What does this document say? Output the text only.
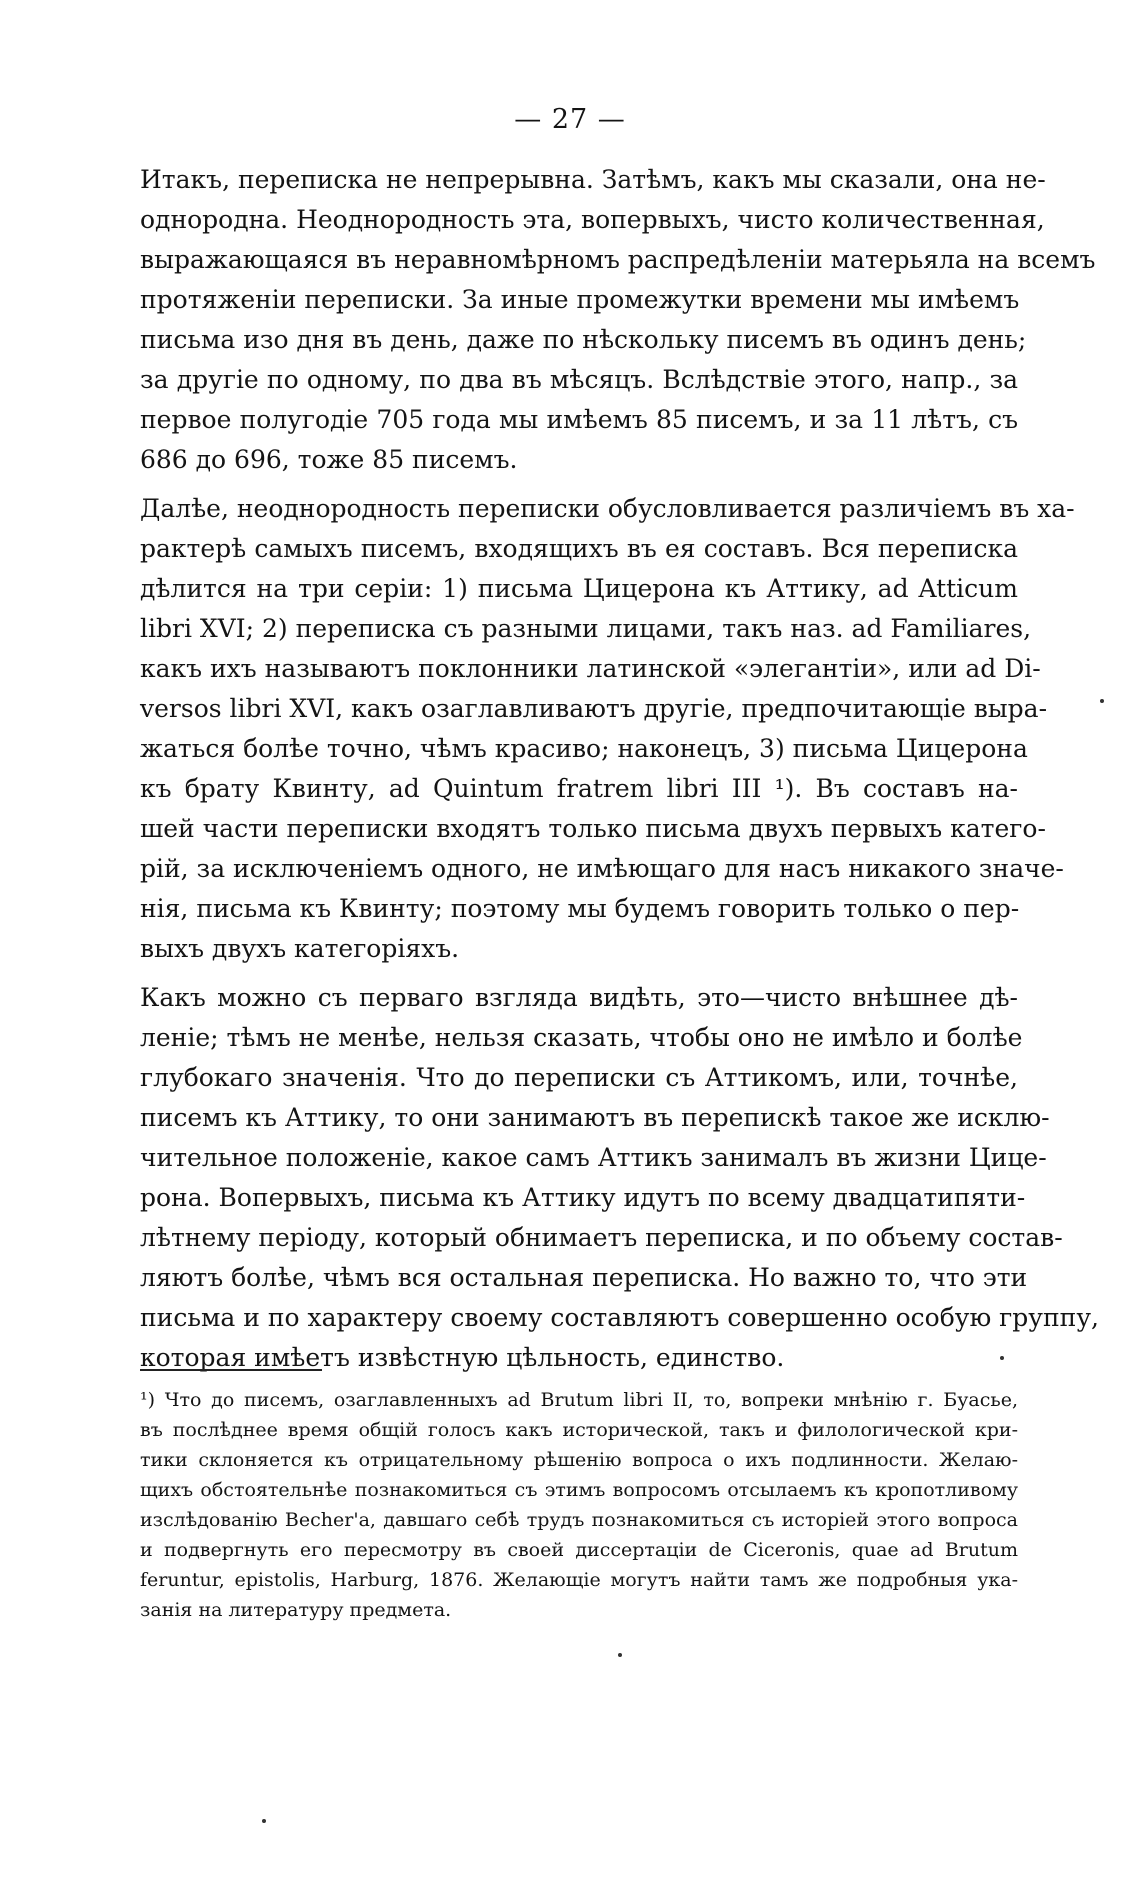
— 27 —
Итакъ, переписка не непрерывна. Затѣмъ, какъ мы сказали, она не-
однородна. Неоднородность эта, вопервыхъ, чисто количественная,
выражающаяся въ неравномѣрномъ распредѣленіи матерьяла на всемъ
протяженіи переписки. За иные промежутки времени мы имѣемъ
письма изо дня въ день, даже по нѣскольку писемъ въ одинъ день;
за другіе по одному, по два въ мѣсяцъ. Вслѣдствіе этого, напр., за
первое полугодіе 705 года мы имѣемъ 85 писемъ, и за 11 лѣтъ, съ
686 до 696, тоже 85 писемъ.
Далѣе, неоднородность переписки обусловливается различіемъ въ ха-
рактерѣ самыхъ писемъ, входящихъ въ ея составъ. Вся переписка
дѣлится на три серіи: 1) письма Цицерона къ Аттику, ad Atticum
libri XVI; 2) переписка съ разными лицами, такъ наз. ad Familiares,
какъ ихъ называютъ поклонники латинской «элегантіи», или ad Di-
versos libri XVI, какъ озаглавливаютъ другіе, предпочитающіе выра-
жаться болѣе точно, чѣмъ красиво; наконецъ, 3) письма Цицерона
къ брату Квинту, ad Quintum fratrem libri III ¹). Въ составъ на-
шей части переписки входятъ только письма двухъ первыхъ катего-
рій, за исключеніемъ одного, не имѣющаго для насъ никакого значе-
нія, письма къ Квинту; поэтому мы будемъ говорить только о пер-
выхъ двухъ категоріяхъ.
Какъ можно съ перваго взгляда видѣть, это—чисто внѣшнее дѣ-
леніе; тѣмъ не менѣе, нельзя сказать, чтобы оно не имѣло и болѣе
глубокаго значенія. Что до переписки съ Аттикомъ, или, точнѣе,
писемъ къ Аттику, то они занимаютъ въ перепискѣ такое же исклю-
чительное положеніе, какое самъ Аттикъ занималъ въ жизни Цице-
рона. Вопервыхъ, письма къ Аттику идутъ по всему двадцатипяти-
лѣтнему періоду, который обнимаетъ переписка, и по объему состав-
ляютъ болѣе, чѣмъ вся остальная переписка. Но важно то, что эти
письма и по характеру своему составляютъ совершенно особую группу,
которая имѣетъ извѣстную цѣльность, единство.
¹) Что до писемъ, озаглавленныхъ ad Brutum libri II, то, вопреки мнѣнію г. Буасье,
въ послѣднее время общій голосъ какъ исторической, такъ и филологической кри-
тики склоняется къ отрицательному рѣшенію вопроса о ихъ подлинности. Желаю-
щихъ обстоятельнѣе познакомиться съ этимъ вопросомъ отсылаемъ къ кропотливому
изслѣдованію Becher'a, давшаго себѣ трудъ познакомиться съ исторіей этого вопроса
и подвергнуть его пересмотру въ своей диссертаціи de Ciceronis, quae ad Brutum
feruntur, epistolis, Harburg, 1876. Желающіе могутъ найти тамъ же подробныя ука-
занія на литературу предмета.
